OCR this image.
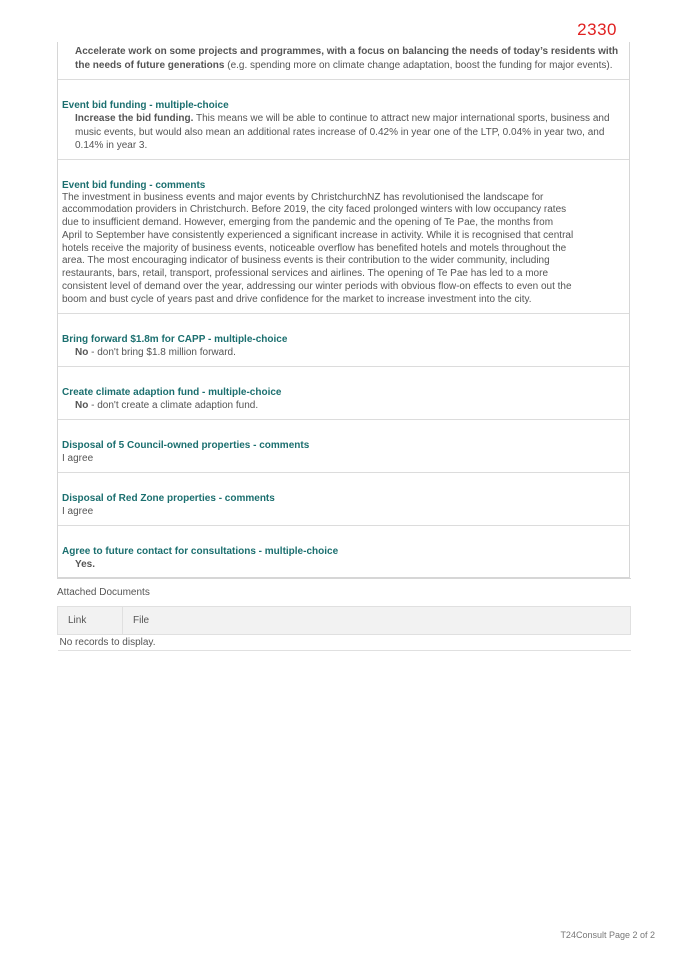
2330
Accelerate work on some projects and programmes, with a focus on balancing the needs of today’s residents with the needs of future generations (e.g. spending more on climate change adaptation, boost the funding for major events).
Event bid funding - multiple-choice
Increase the bid funding. This means we will be able to continue to attract new major international sports, business and music events, but would also mean an additional rates increase of 0.42% in year one of the LTP, 0.04% in year two, and 0.14% in year 3.
Event bid funding - comments
The investment in business events and major events by ChristchurchNZ has revolutionised the landscape for
accommodation providers in Christchurch. Before 2019, the city faced prolonged winters with low occupancy rates
due to insufficient demand. However, emerging from the pandemic and the opening of Te Pae, the months from
April to September have consistently experienced a significant increase in activity. While it is recognised that central
hotels receive the majority of business events, noticeable overflow has benefited hotels and motels throughout the
area. The most encouraging indicator of business events is their contribution to the wider community, including
restaurants, bars, retail, transport, professional services and airlines. The opening of Te Pae has led to a more
consistent level of demand over the year, addressing our winter periods with obvious flow-on effects to even out the
boom and bust cycle of years past and drive confidence for the market to increase investment into the city.
Bring forward $1.8m for CAPP - multiple-choice
No - don't bring $1.8 million forward.
Create climate adaption fund - multiple-choice
No - don't create a climate adaption fund.
Disposal of 5 Council-owned properties - comments
I agree
Disposal of Red Zone properties - comments
I agree
Agree to future contact for consultations - multiple-choice
Yes.
Attached Documents
Link	File
No records to display.
T24Consult Page 2 of 2
